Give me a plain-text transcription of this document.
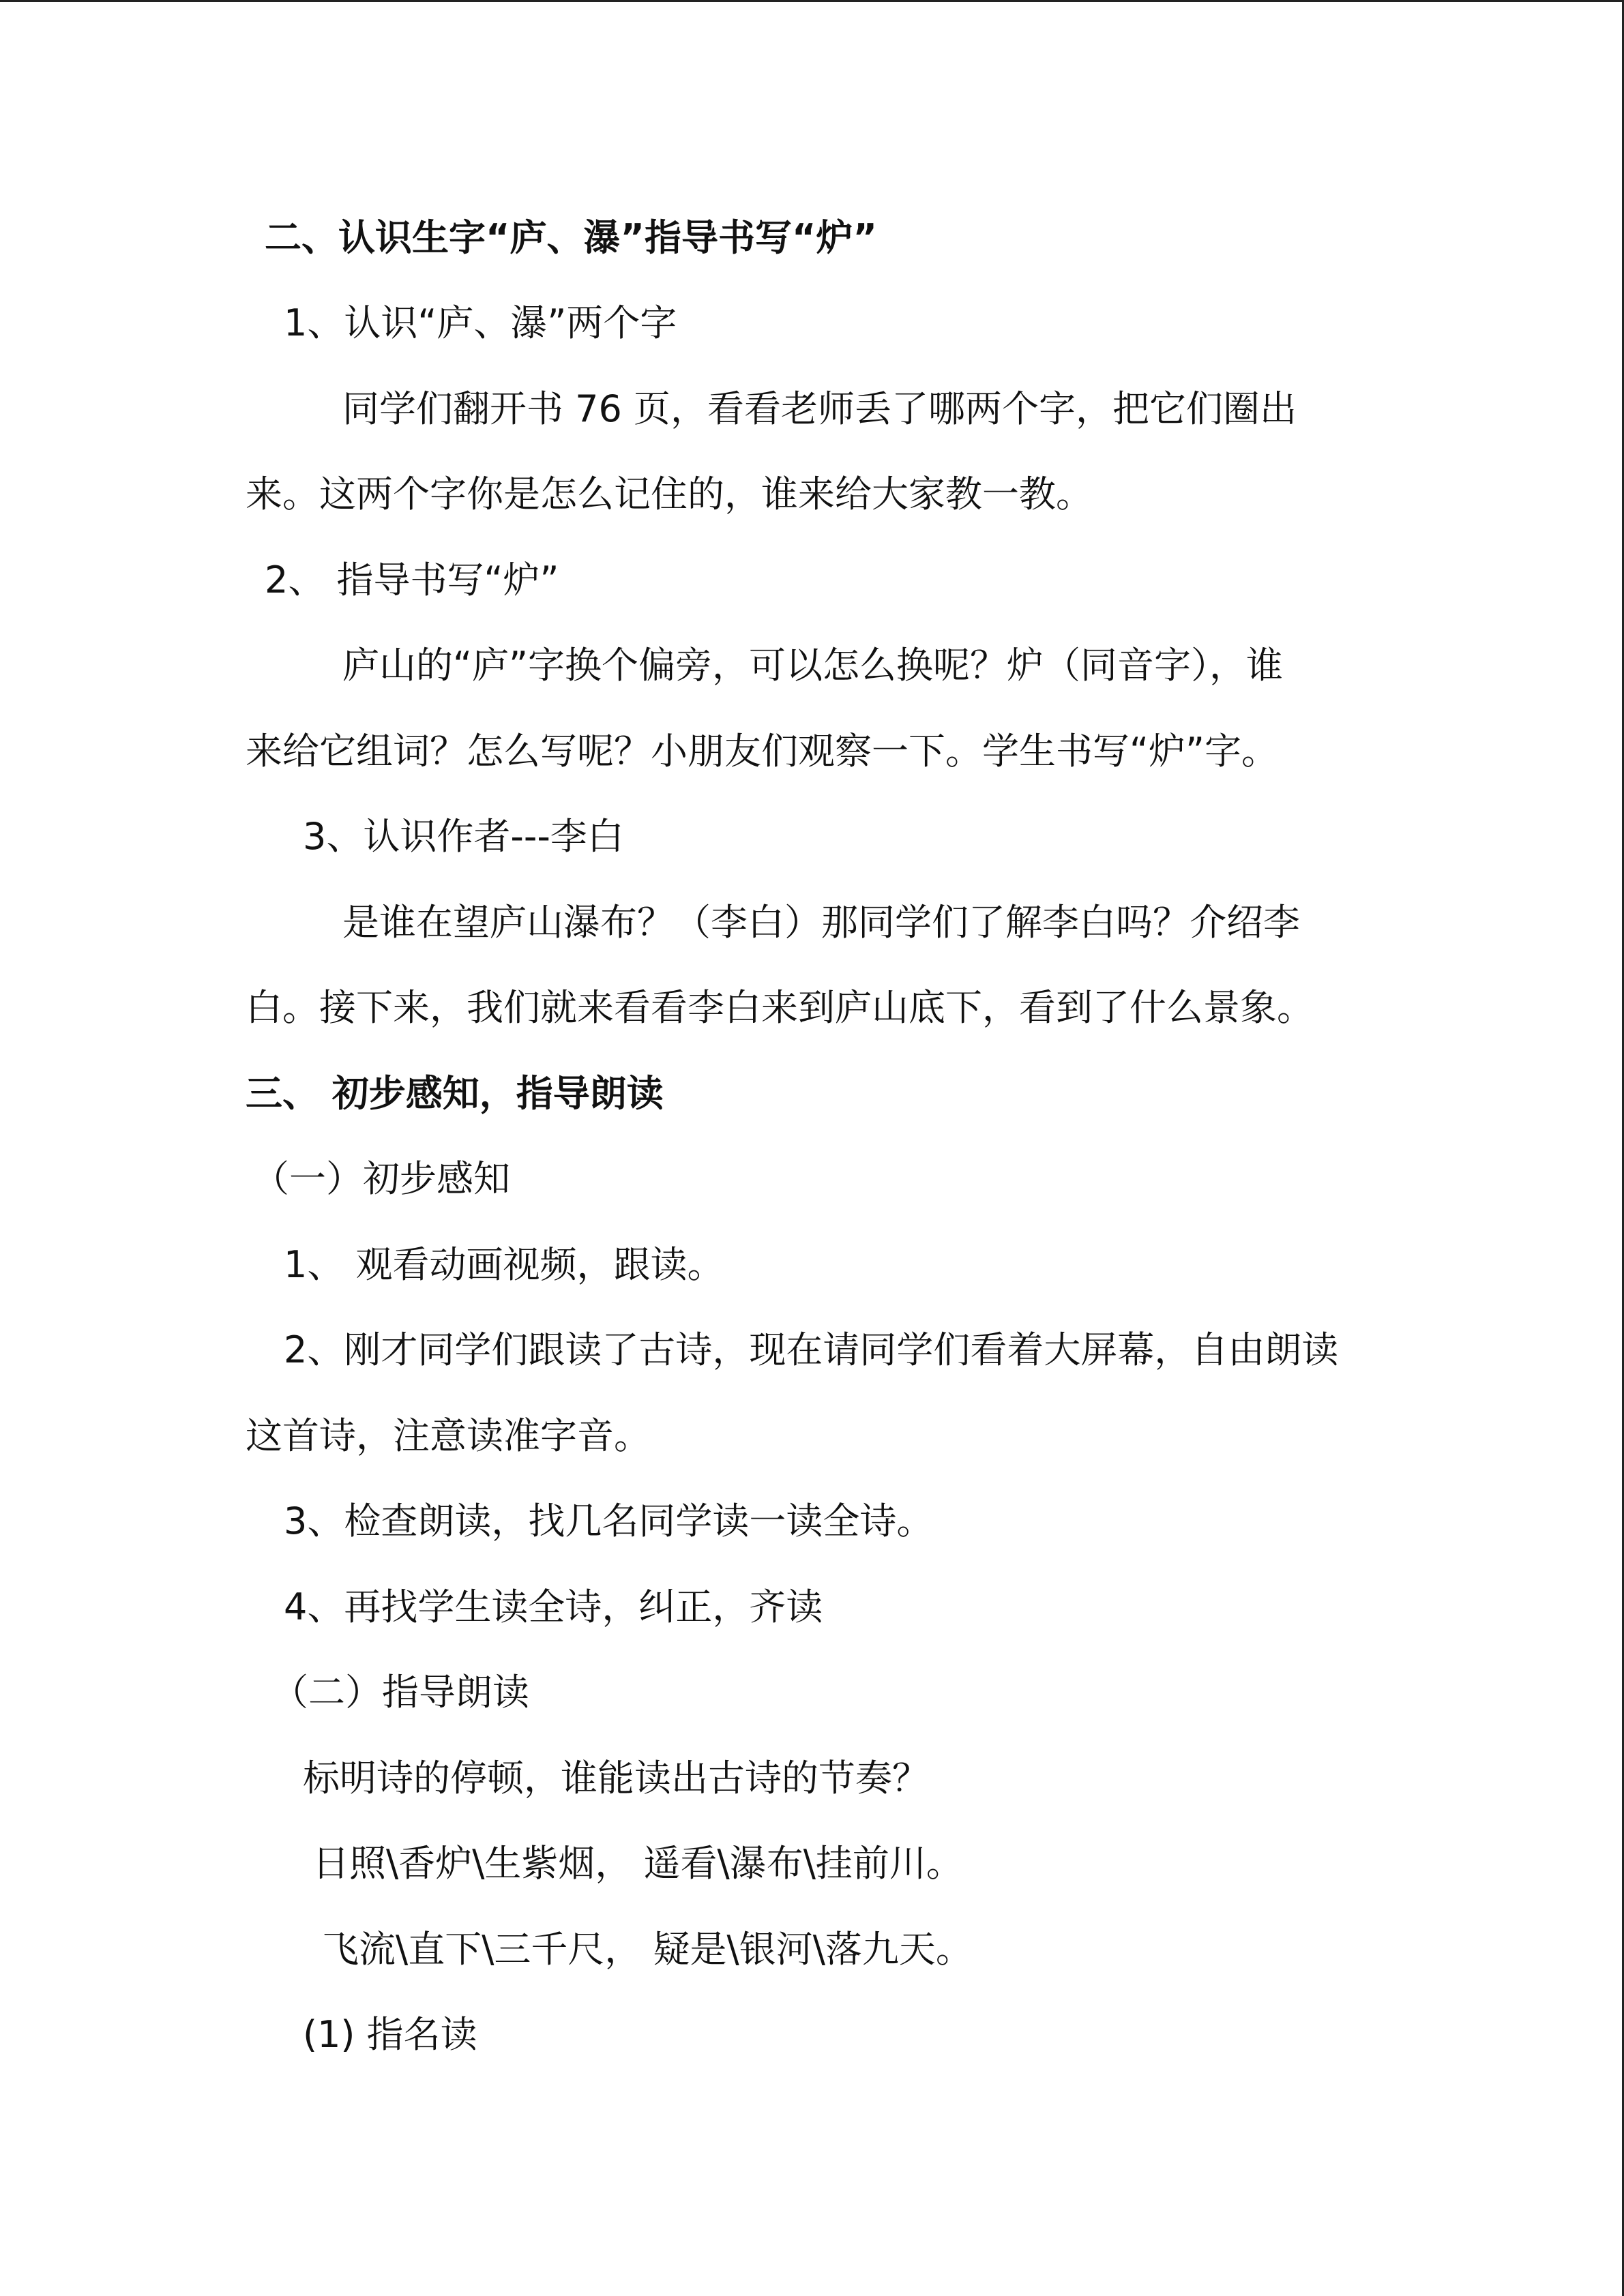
二、认识生字“庐、瀑”指导书写“炉”
1、认识“庐、瀑”两个字
同学们翻开书 76 页，看看老师丢了哪两个字，把它们圈出
来。这两个字你是怎么记住的，谁来给大家教一教。
2、 指导书写“炉”
庐山的“庐”字换个偏旁，可以怎么换呢？炉（同音字），谁
来给它组词？怎么写呢？小朋友们观察一下。学生书写“炉”字。
3、认识作者---李白
是谁在望庐山瀑布？（李白）那同学们了解李白吗？介绍李
白。接下来，我们就来看看李白来到庐山底下，看到了什么景象。
三、 初步感知，指导朗读
（一）初步感知
1、 观看动画视频，跟读。
2、刚才同学们跟读了古诗，现在请同学们看着大屏幕，自由朗读
这首诗，注意读准字音。
3、检查朗读，找几名同学读一读全诗。
4、再找学生读全诗，纠正，齐读
（二）指导朗读
标明诗的停顿，谁能读出古诗的节奏？
日照\香炉\生紫烟， 遥看\瀑布\挂前川。
飞流\直下\三千尺， 疑是\银河\落九天。
(1) 指名读
